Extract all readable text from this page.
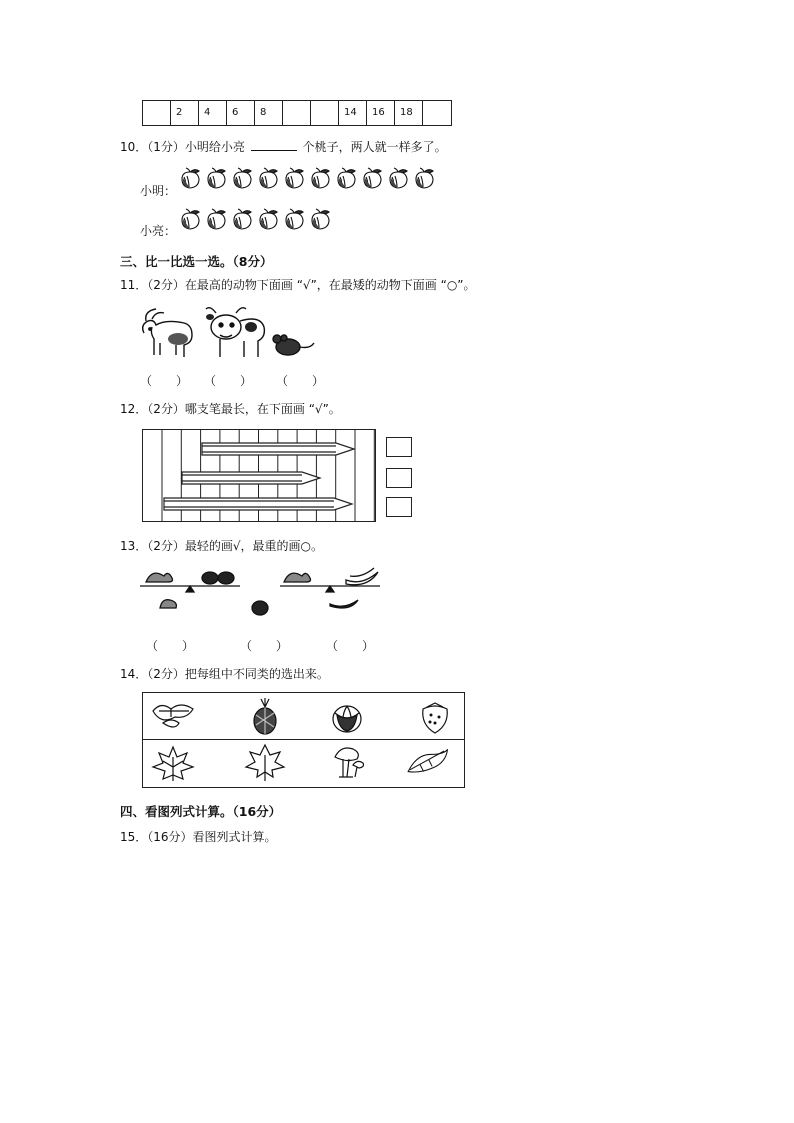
2	4	6	8	14	16	18
10．（1分）小明给小亮	个桃子，两人就一样多了。
小明：
小亮：
三、比一比选一选。（8分）
11．（2分）在最高的动物下面画 “√”，在最矮的动物下面画 “○”。
（　　） （　　） （　　）
12．（2分）哪支笔最长，在下面画 “√”。
13．（2分）最轻的画√，最重的画○。
（　　）	（　　）	（　　）
14．（2分）把每组中不同类的选出来。
四、看图列式计算。（16分）
15．（16分）看图列式计算。
